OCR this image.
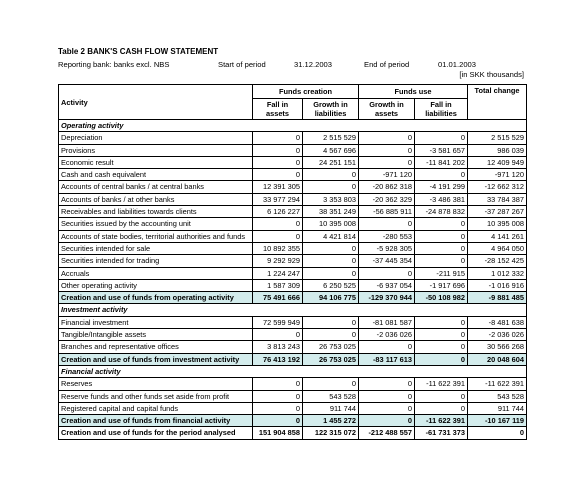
Table 2 BANK'S CASH FLOW STATEMENT
Reporting bank: banks excl. NBS	Start of period	31.12.2003	End of period	01.01.2003
[in SKK thousands]
Activity	Funds creation		Funds use		Total change
	Fall in assets	Growth in liabilities	Growth in assets	Fall in liabilities	
Operating activity					
Depreciation	0	2 515 529	0	0	2 515 529
Provisions	0	4 567 696	0	-3 581 657	986 039
Economic result	0	24 251 151	0	-11 841 202	12 409 949
Cash and cash equivalent	0	0	-971 120	0	-971 120
Accounts of central banks / at central banks	12 391 305	0	-20 862 318	-4 191 299	-12 662 312
Accounts of banks / at other banks	33 977 294	3 353 803	-20 362 329	-3 486 381	33 784 387
Receivables and liabilities towards clients	6 126 227	38 351 249	-56 885 911	-24 878 832	-37 287 267
Securities issued by the accounting unit	0	10 395 008	0	0	10 395 008
Accounts of state bodies, territorial authorities and funds	0	4 421 814	-280 553	0	4 141 261
Securities intended for sale	10 892 355	0	-5 928 305	0	4 964 050
Securities intended for trading	9 292 929	0	-37 445 354	0	-28 152 425
Accruals	1 224 247	0	0	-211 915	1 012 332
Other operating activity	1 587 309	6 250 525	-6 937 054	-1 917 696	-1 016 916
Creation and use of funds from operating activity	75 491 666	94 106 775	-129 370 944	-50 108 982	-9 881 485
Investment activity					
Financial investment	72 599 949	0	-81 081 587	0	-8 481 638
Tangible/Intangible assets	0	0	-2 036 026	0	-2 036 026
Branches and representative offices	3 813 243	26 753 025	0	0	30 566 268
Creation and use of funds from investment activity	76 413 192	26 753 025	-83 117 613	0	20 048 604
Financial activity					
Reserves	0	0	0	-11 622 391	-11 622 391
Reserve funds and other funds set aside from profit	0	543 528	0	0	543 528
Registered capital and capital funds	0	911 744	0	0	911 744
Creation and use of funds from financial activity	0	1 455 272	0	-11 622 391	-10 167 119
Creation and use of funds for the period analysed	151 904 858	122 315 072	-212 488 557	-61 731 373	0
